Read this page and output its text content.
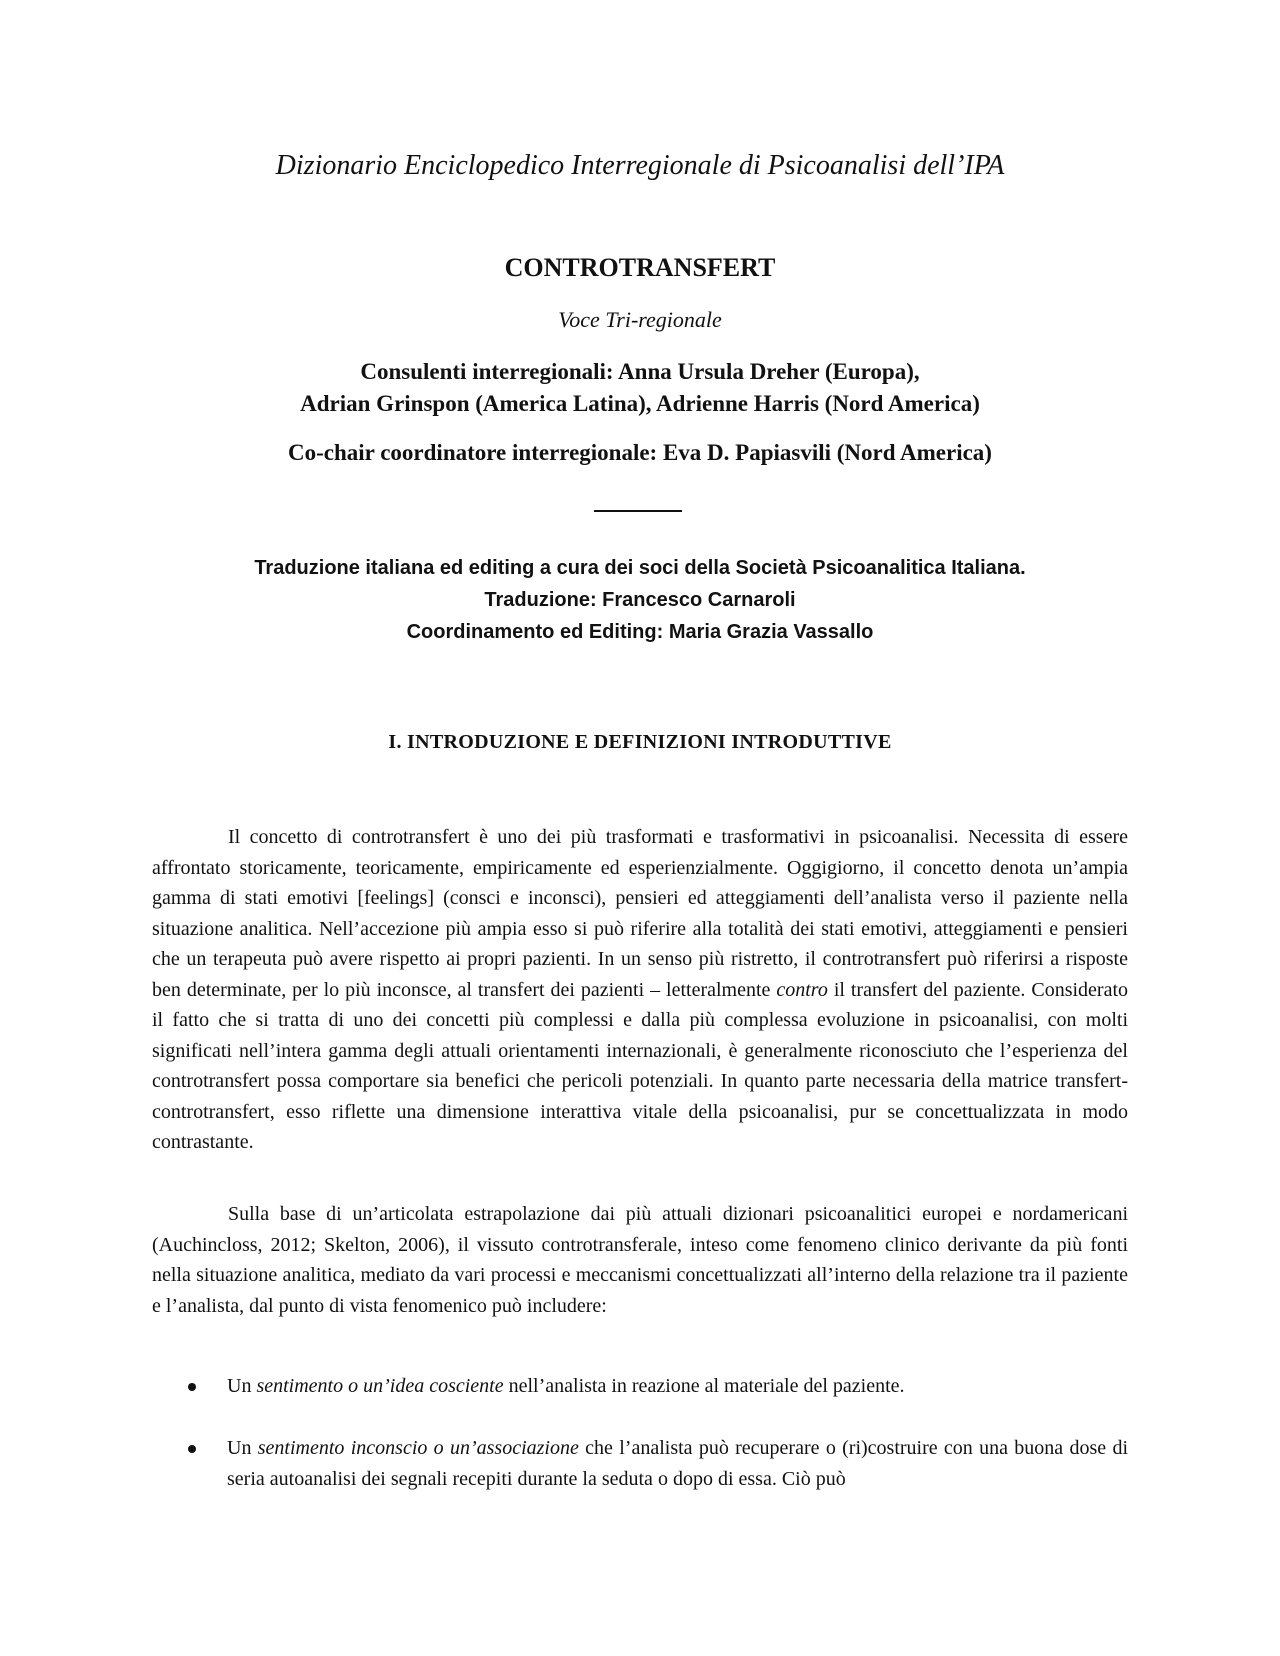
Dizionario Enciclopedico Interregionale di Psicoanalisi dell’IPA
CONTROTRANSFERT
Voce Tri-regionale
Consulenti interregionali: Anna Ursula Dreher (Europa),
Adrian Grinspon (America Latina), Adrienne Harris (Nord America)
Co-chair coordinatore interregionale: Eva D. Papiasvili (Nord America)
Traduzione italiana ed editing a cura dei soci della Società Psicoanalitica Italiana.
Traduzione: Francesco Carnaroli
Coordinamento ed Editing: Maria Grazia Vassallo
I. INTRODUZIONE E DEFINIZIONI INTRODUTTIVE

Il concetto di controtransfert è uno dei più trasformati e trasformativi in psicoanalisi. Necessita di essere affrontato storicamente, teoricamente, empiricamente ed esperienzialmente. Oggigiorno, il concetto denota un’ampia gamma di stati emotivi [feelings] (consci e inconsci), pensieri ed atteggiamenti dell’analista verso il paziente nella situazione analitica. Nell’accezione più ampia esso si può riferire alla totalità dei stati emotivi, atteggiamenti e pensieri che un terapeuta può avere rispetto ai propri pazienti. In un senso più ristretto, il controtransfert può riferirsi a risposte ben determinate, per lo più inconsce, al transfert dei pazienti – letteralmente contro il transfert del paziente. Considerato il fatto che si tratta di uno dei concetti più complessi e dalla più complessa evoluzione in psicoanalisi, con molti significati nell’intera gamma degli attuali orientamenti internazionali, è generalmente riconosciuto che l’esperienza del controtransfert possa comportare sia benefici che pericoli potenziali. In quanto parte necessaria della matrice transfert-controtransfert, esso riflette una dimensione interattiva vitale della psicoanalisi, pur se concettualizzata in modo contrastante.

Sulla base di un’articolata estrapolazione dai più attuali dizionari psicoanalitici europei e nordamericani (Auchincloss, 2012; Skelton, 2006), il vissuto controtransferale, inteso come fenomeno clinico derivante da più fonti nella situazione analitica, mediato da vari processi e meccanismi concettualizzati all’interno della relazione tra il paziente e l’analista, dal punto di vista fenomenico può includere:

Un sentimento o un’idea cosciente nell’analista in reazione al materiale del paziente.
Un sentimento inconscio o un’associazione che l’analista può recuperare o (ri)costruire con una buona dose di seria autoanalisi dei segnali recepiti durante la seduta o dopo di essa. Ciò può
